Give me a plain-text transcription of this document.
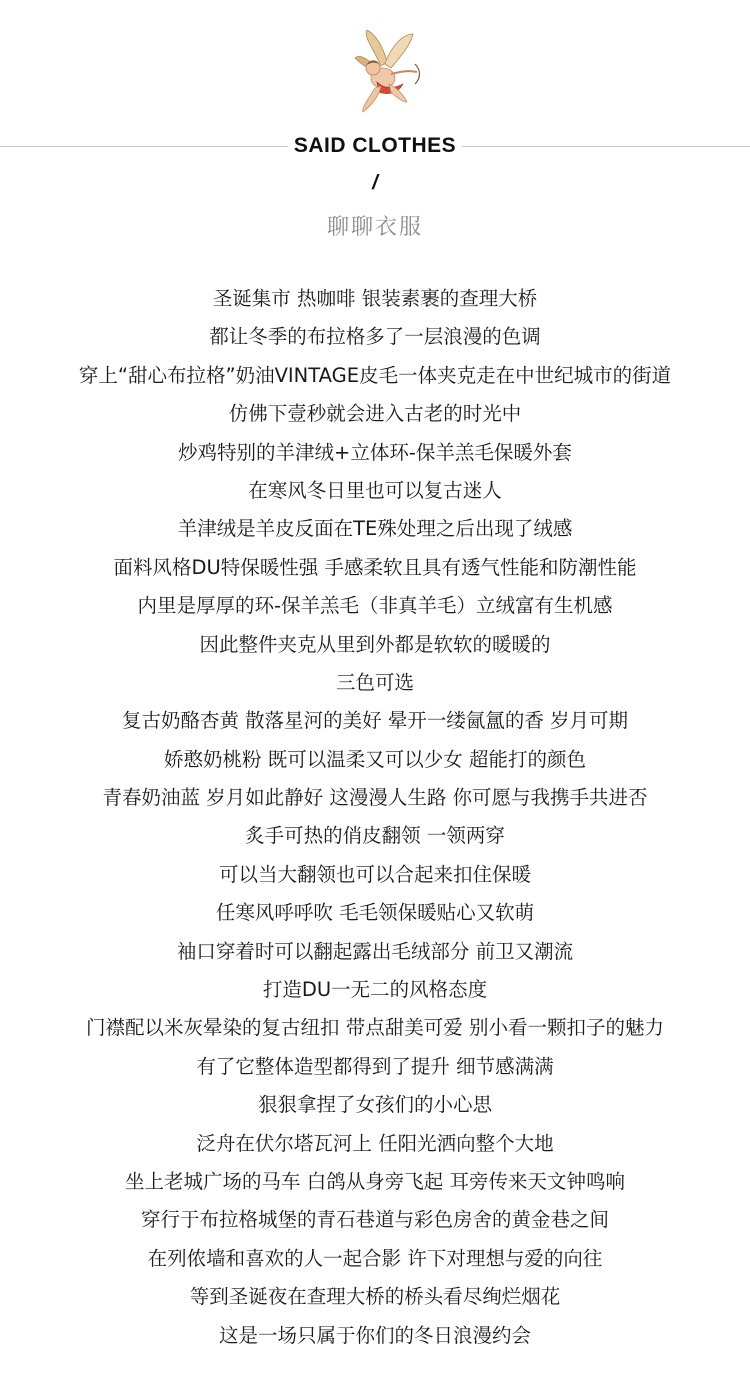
SAID CLOTHES
/
聊聊衣服
圣诞集市 热咖啡 银装素裹的查理大桥
都让冬季的布拉格多了一层浪漫的色调
穿上“甜心布拉格”奶油VINTAGE皮毛一体夹克走在中世纪城市的街道
仿佛下壹秒就会进入古老的时光中
炒鸡特别的羊津绒+立体环-保羊羔毛保暖外套
在寒风冬日里也可以复古迷人
羊津绒是羊皮反面在TE殊处理之后出现了绒感
面料风格DU特保暖性强 手感柔软且具有透气性能和防潮性能
内里是厚厚的环-保羊羔毛（非真羊毛）立绒富有生机感
因此整件夹克从里到外都是软软的暖暖的
三色可选
复古奶酪杏黄 散落星河的美好 晕开一缕氤氲的香 岁月可期
娇憨奶桃粉 既可以温柔又可以少女 超能打的颜色
青春奶油蓝 岁月如此静好 这漫漫人生路 你可愿与我携手共进否
炙手可热的俏皮翻领 一领两穿
可以当大翻领也可以合起来扣住保暖
任寒风呼呼吹 毛毛领保暖贴心又软萌
袖口穿着时可以翻起露出毛绒部分 前卫又潮流
打造DU一无二的风格态度
门襟配以米灰晕染的复古纽扣 带点甜美可爱 别小看一颗扣子的魅力
有了它整体造型都得到了提升 细节感满满
狠狠拿捏了女孩们的小心思
泛舟在伏尔塔瓦河上 任阳光洒向整个大地
坐上老城广场的马车 白鸽从身旁飞起 耳旁传来天文钟鸣响
穿行于布拉格城堡的青石巷道与彩色房舍的黄金巷之间
在列侬墙和喜欢的人一起合影 许下对理想与爱的向往
等到圣诞夜在查理大桥的桥头看尽绚烂烟花
这是一场只属于你们的冬日浪漫约会
